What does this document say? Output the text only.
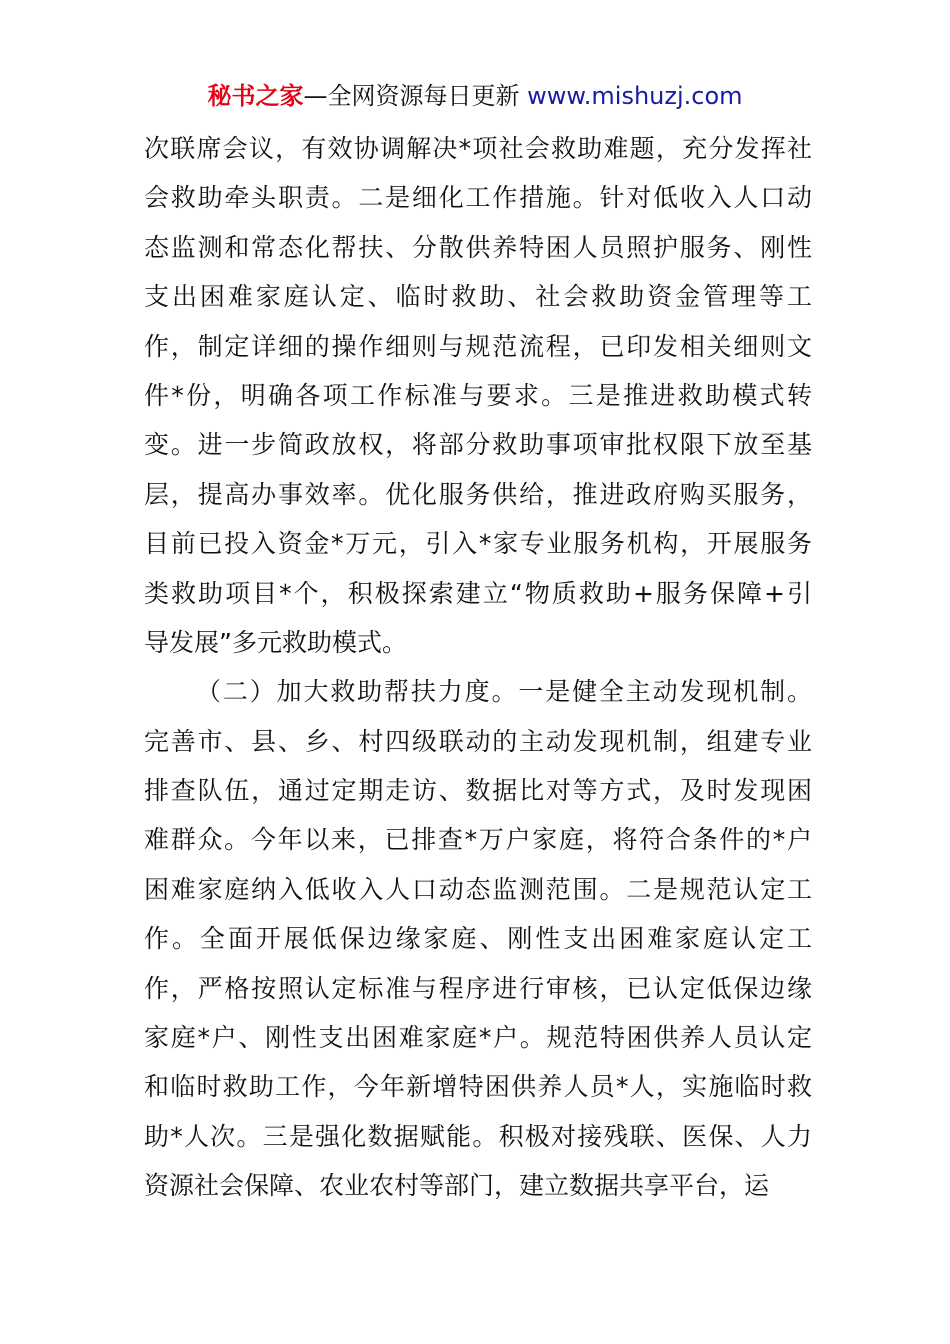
秘书之家—全网资源每日更新 www.mishuzj.com
次联席会议，有效协调解决*项社会救助难题，充分发挥社
会救助牵头职责。二是细化工作措施。针对低收入人口动
态监测和常态化帮扶、分散供养特困人员照护服务、刚性
支出困难家庭认定、临时救助、社会救助资金管理等工
作，制定详细的操作细则与规范流程，已印发相关细则文
件*份，明确各项工作标准与要求。三是推进救助模式转
变。进一步简政放权，将部分救助事项审批权限下放至基
层，提高办事效率。优化服务供给，推进政府购买服务，
目前已投入资金*万元，引入*家专业服务机构，开展服务
类救助项目*个，积极探索建立“物质救助+服务保障+引
导发展”多元救助模式。
（二）加大救助帮扶力度。一是健全主动发现机制。
完善市、县、乡、村四级联动的主动发现机制，组建专业
排查队伍，通过定期走访、数据比对等方式，及时发现困
难群众。今年以来，已排查*万户家庭，将符合条件的*户
困难家庭纳入低收入人口动态监测范围。二是规范认定工
作。全面开展低保边缘家庭、刚性支出困难家庭认定工
作，严格按照认定标准与程序进行审核，已认定低保边缘
家庭*户、刚性支出困难家庭*户。规范特困供养人员认定
和临时救助工作，今年新增特困供养人员*人，实施临时救
助*人次。三是强化数据赋能。积极对接残联、医保、人力
资源社会保障、农业农村等部门，建立数据共享平台，运
